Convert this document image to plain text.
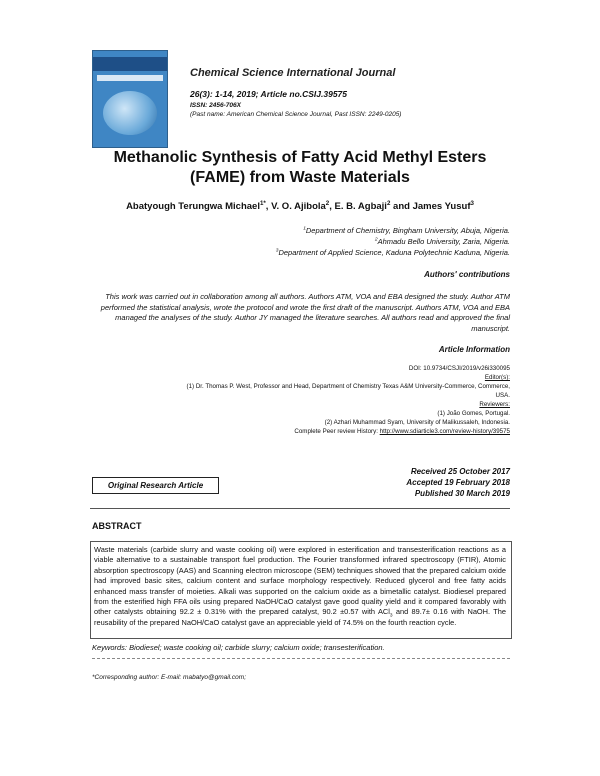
Chemical Science International Journal
26(3): 1-14, 2019; Article no.CSIJ.39575
ISSN: 2456-706X
(Past name: American Chemical Science Journal, Past ISSN: 2249-0205)
Methanolic Synthesis of Fatty Acid Methyl Esters
(FAME) from Waste Materials
Abatyough Terungwa Michael$^{1*}$, V. O. Ajibola$^2$, E. B. Agbaji$^2$ and James Yusuf$^3$
$^1$Department of Chemistry, Bingham University, Abuja, Nigeria.
$^2$Ahmadu Bello University, Zaria, Nigeria.
$^3$Department of Applied Science, Kaduna Polytechnic Kaduna, Nigeria.
Authors' contributions
This work was carried out in collaboration among all authors. Authors ATM, VOA and EBA designed the study. Author ATM performed the statistical analysis, wrote the protocol and wrote the first draft of the manuscript. Authors ATM, VOA and EBA managed the analyses of the study. Author JY managed the literature searches. All authors read and approved the final manuscript.
Article Information
DOI: 10.9734/CSJI/2019/v26i330095
Editor(s):
(1) Dr. Thomas P. West, Professor and Head, Department of Chemistry Texas A&M University-Commerce, Commerce,
USA.
Reviewers:
(1) João Gomes, Portugal.
(2) Azhari Muhammad Syam, University of Malikussaleh, Indonesia.
Complete Peer review History: http://www.sdiarticle3.com/review-history/39575
Received 25 October 2017
Accepted 19 February 2018
Published 30 March 2019
Original Research Article
ABSTRACT
Waste materials (carbide slurry and waste cooking oil) were explored in esterification and transesterification reactions as a viable alternative to a sustainable transport fuel production. The Fourier transformed infrared spectroscopy (FTIR), Atomic absorption spectroscopy (AAS) and Scanning electron microscope (SEM) techniques showed that the prepared calcium oxide had improved basic sites, calcium content and surface morphology respectively. Reduced glycerol and free fatty acids enhanced mass transfer of moieties. Alkali was supported on the calcium oxide as a bimetallic catalyst. Biodiesel prepared from the esterified high FFA oils using prepared NaOH/CaO catalyst gave good quality yield and it compared favorably with other catalysts obtaining 92.2 ± 0.31% with the prepared catalyst, 90.2 ±0.57 with ACl$_3$ and 89.7± 0.16 with NaOH. The reusability of the prepared NaOH/CaO catalyst gave an appreciable yield of 74.5% on the fourth reaction cycle.
Keywords: Biodiesel; waste cooking oil; carbide slurry; calcium oxide; transesterification.
*Corresponding author: E-mail: mabatyo@gmail.com;
